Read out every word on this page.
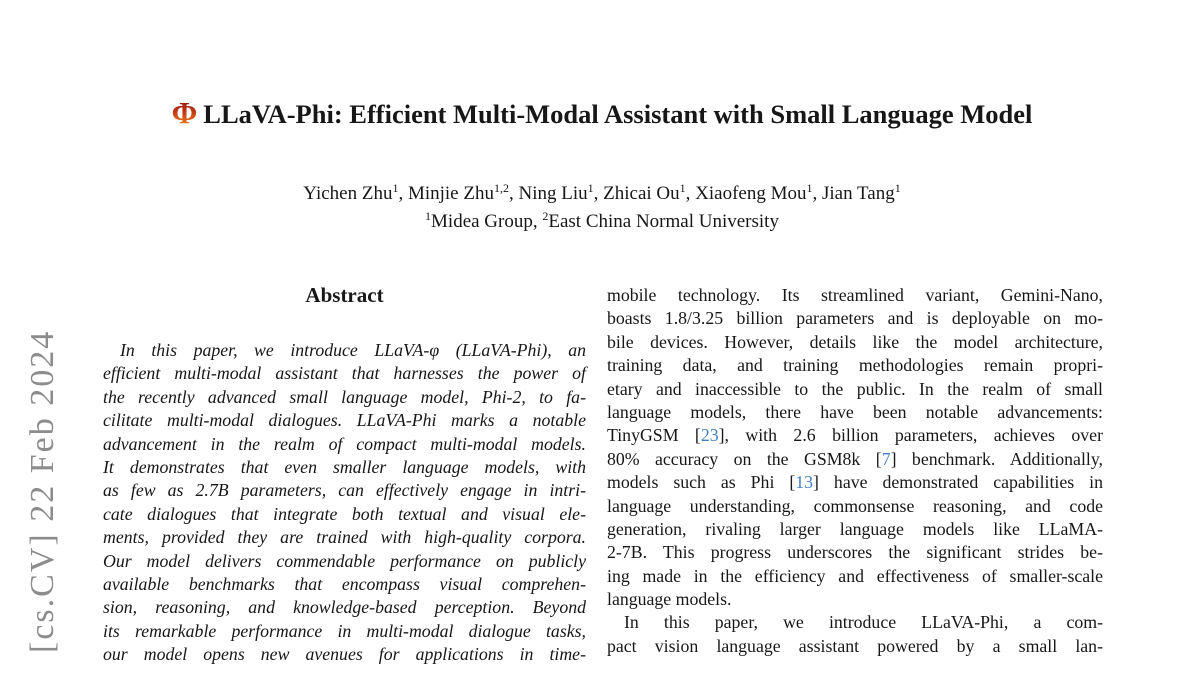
[cs.CV] 22 Feb 2024
Φ LLaVA-Phi: Efficient Multi-Modal Assistant with Small Language Model
Yichen Zhu$^1$, Minjie Zhu$^{1,2}$, Ning Liu$^1$, Zhicai Ou$^1$, Xiaofeng Mou$^1$, Jian Tang$^1$
$^1$Midea Group, $^2$East China Normal University
Abstract
In this paper, we introduce LLaVA-φ (LLaVA-Phi), an
efficient multi-modal assistant that harnesses the power of
the recently advanced small language model, Phi-2, to fa-
cilitate multi-modal dialogues. LLaVA-Phi marks a notable
advancement in the realm of compact multi-modal models.
It demonstrates that even smaller language models, with
as few as 2.7B parameters, can effectively engage in intri-
cate dialogues that integrate both textual and visual ele-
ments, provided they are trained with high-quality corpora.
Our model delivers commendable performance on publicly
available benchmarks that encompass visual comprehen-
sion, reasoning, and knowledge-based perception. Beyond
its remarkable performance in multi-modal dialogue tasks,
our model opens new avenues for applications in time-
mobile technology. Its streamlined variant, Gemini-Nano,
boasts 1.8/3.25 billion parameters and is deployable on mo-
bile devices. However, details like the model architecture,
training data, and training methodologies remain propri-
etary and inaccessible to the public. In the realm of small
language models, there have been notable advancements:
TinyGSM [23], with 2.6 billion parameters, achieves over
80% accuracy on the GSM8k [7] benchmark. Additionally,
models such as Phi [13] have demonstrated capabilities in
language understanding, commonsense reasoning, and code
generation, rivaling larger language models like LLaMA-
2-7B. This progress underscores the significant strides be-
ing made in the efficiency and effectiveness of smaller-scale
language models.
In this paper, we introduce LLaVA-Phi, a com-
pact vision language assistant powered by a small lan-
